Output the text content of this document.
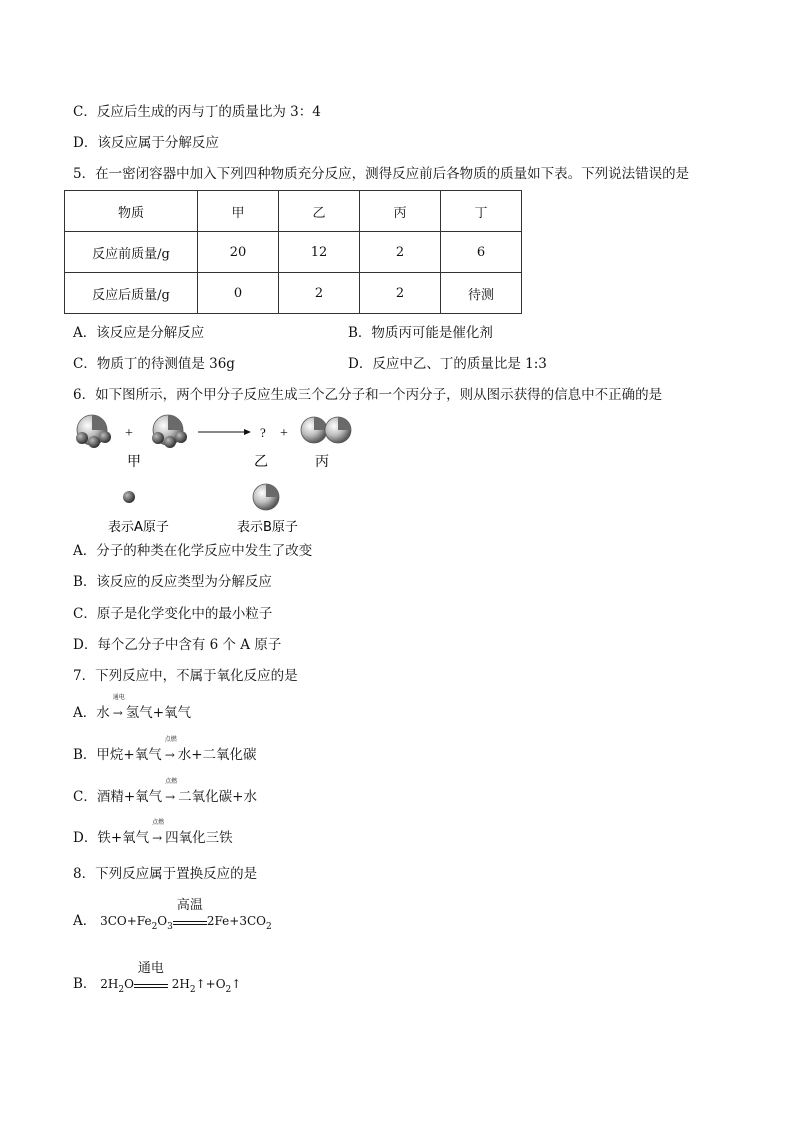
C．反应后生成的丙与丁的质量比为 3：4
D．该反应属于分解反应
5．在一密闭容器中加入下列四种物质充分反应，测得反应前后各物质的质量如下表。下列说法错误的是
物质	甲	乙	丙	丁
反应前质量/g	20	12	2	6
反应后质量/g	0	2	2	待测
A．该反应是分解反应	B．物质丙可能是催化剂
C．物质丁的待测值是 36g	D．反应中乙、丁的质量比是 1:3
6．如下图所示，两个甲分子反应生成三个乙分子和一个丙分子，则从图示获得的信息中不正确的是
+	? +
甲	乙	丙
表示A原子	表示B原子
A．分子的种类在化学反应中发生了改变
B．该反应的反应类型为分解反应
C．原子是化学变化中的最小粒子
D．每个乙分子中含有 6 个 A 原子
7．下列反应中，不属于氧化反应的是
A．水
通电
→ 氢气+氧气
B．甲烷+氧气
点燃
→ 水+二氧化碳
C．酒精+氧气
点燃
→ 二氧化碳+水
D．铁+氧气
点燃
→ 四氧化三铁
8．下列反应属于置换反应的是
A． $3CO+Fe_2O_3$
高温
$2Fe+3CO_2$
B． $2H_2O$
通电
$2H_2↑+O_2↑$
